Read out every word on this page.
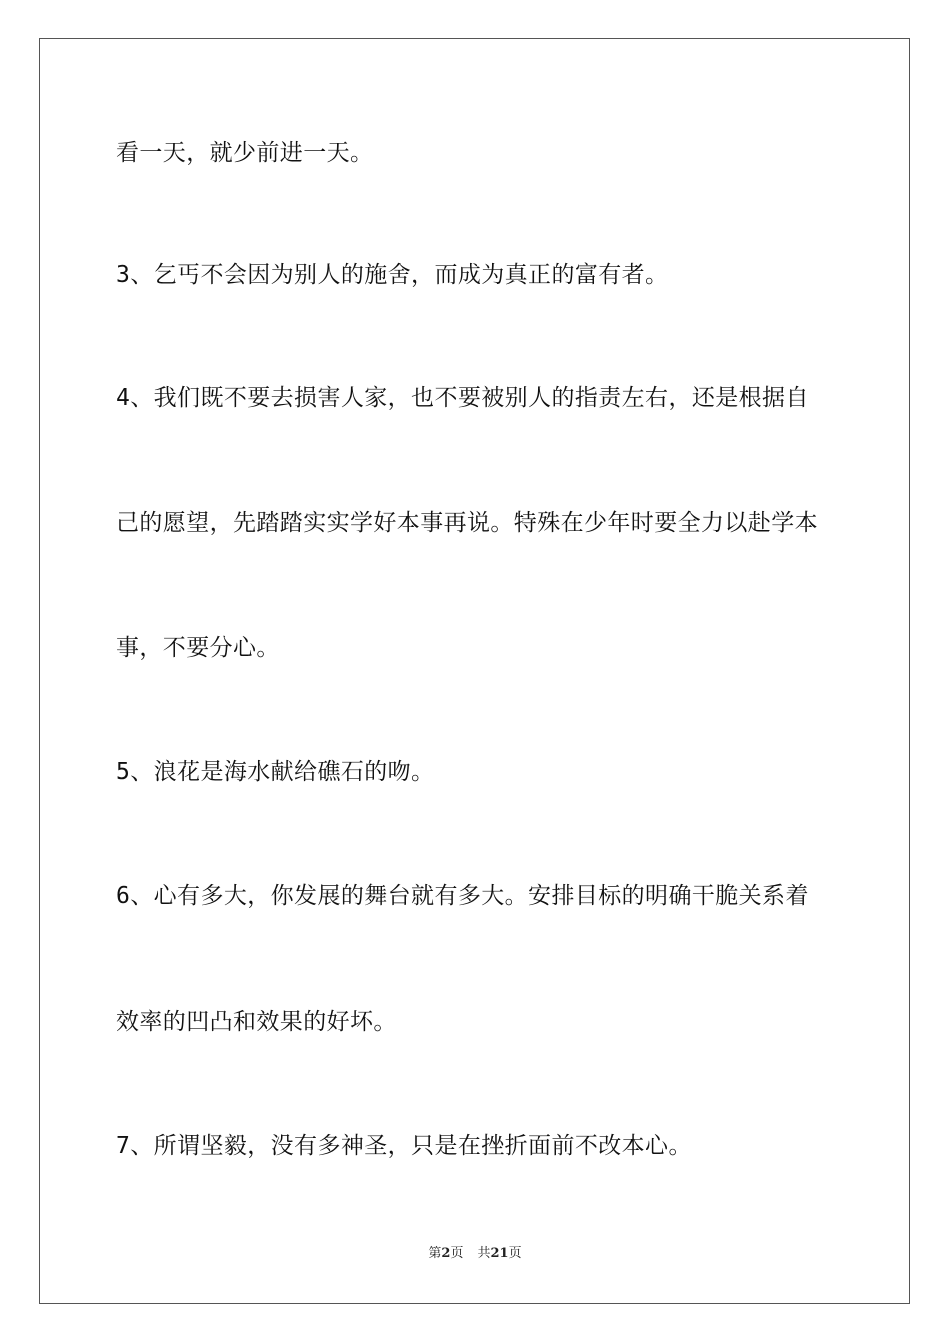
看一天，就少前进一天。
3、乞丐不会因为别人的施舍，而成为真正的富有者。
4、我们既不要去损害人家，也不要被别人的指责左右，还是根据自
己的愿望，先踏踏实实学好本事再说。特殊在少年时要全力以赴学本
事，不要分心。
5、浪花是海水献给礁石的吻。
6、心有多大，你发展的舞台就有多大。安排目标的明确干脆关系着
效率的凹凸和效果的好坏。
7、所谓坚毅，没有多神圣，只是在挫折面前不改本心。
第2页 共21页
